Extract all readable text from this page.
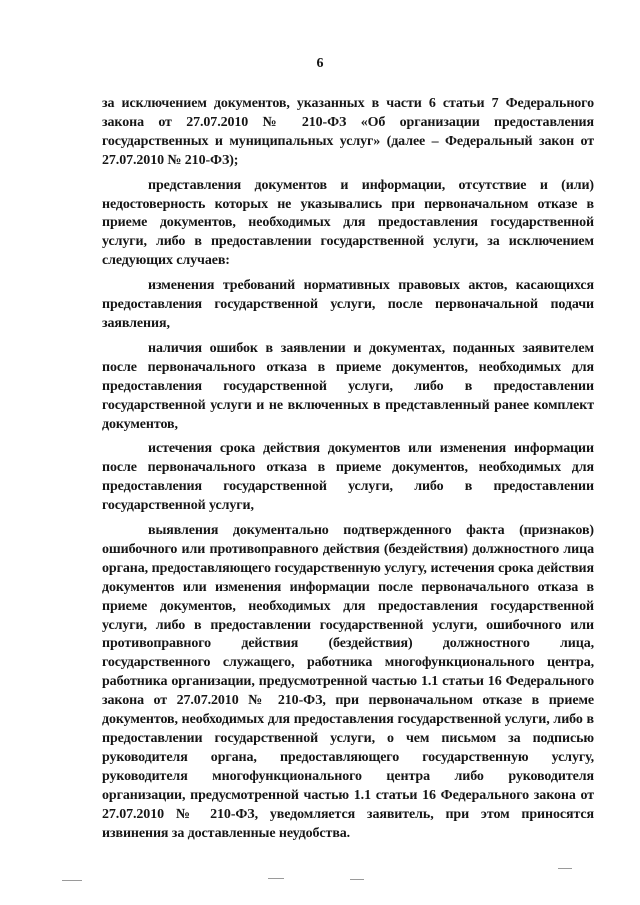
6

за исключением документов, указанных в части 6 статьи 7 Федерального закона от 27.07.2010 № 210-ФЗ «Об организации предоставления государственных и муниципальных услуг» (далее – Федеральный закон от 27.07.2010 № 210-ФЗ);

представления документов и информации, отсутствие и (или) недостоверность которых не указывались при первоначальном отказе в приеме документов, необходимых для предоставления государственной услуги, либо в предоставлении государственной услуги, за исключением следующих случаев:

изменения требований нормативных правовых актов, касающихся предоставления государственной услуги, после первоначальной подачи заявления,

наличия ошибок в заявлении и документах, поданных заявителем после первоначального отказа в приеме документов, необходимых для предоставления государственной услуги, либо в предоставлении государственной услуги и не включенных в представленный ранее комплект документов,

истечения срока действия документов или изменения информации после первоначального отказа в приеме документов, необходимых для предоставления государственной услуги, либо в предоставлении государственной услуги,

выявления документально подтвержденного факта (признаков) ошибочного или противоправного действия (бездействия) должностного лица органа, предоставляющего государственную услугу, истечения срока действия документов или изменения информации после первоначального отказа в приеме документов, необходимых для предоставления государственной услуги, либо в предоставлении государственной услуги, ошибочного или противоправного действия (бездействия) должностного лица, государственного служащего, работника многофункционального центра, работника организации, предусмотренной частью 1.1 статьи 16 Федерального закона от 27.07.2010 № 210-ФЗ, при первоначальном отказе в приеме документов, необходимых для предоставления государственной услуги, либо в предоставлении государственной услуги, о чем письмом за подписью руководителя органа, предоставляющего государственную услугу, руководителя многофункционального центра либо руководителя организации, предусмотренной частью 1.1 статьи 16 Федерального закона от 27.07.2010 № 210-ФЗ, уведомляется заявитель, при этом приносятся извинения за доставленные неудобства.
